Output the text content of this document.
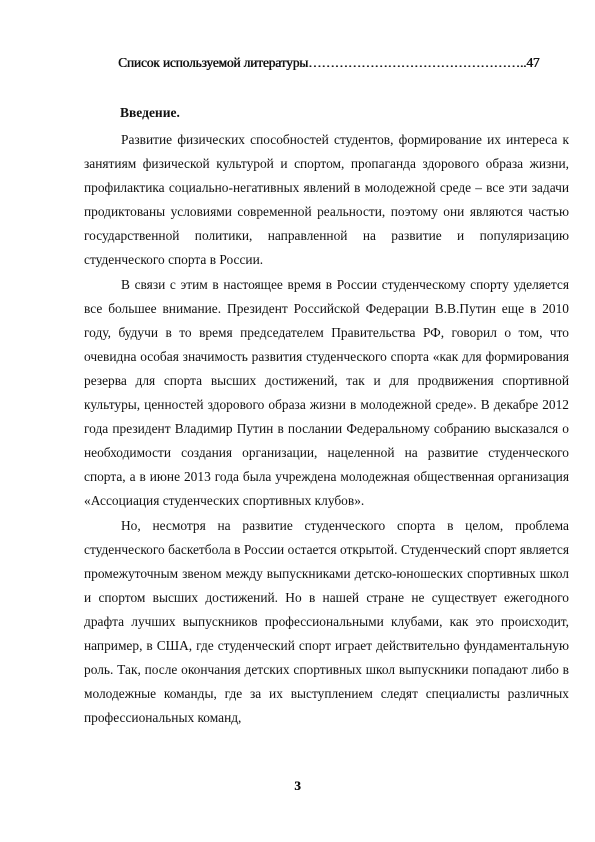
Список используемой литературы…………………………………………..47
Введение.

Развитие физических способностей студентов, формирование их интереса к занятиям физической культурой и спортом, пропаганда здорового образа жизни, профилактика социально-негативных явлений в молодежной среде – все эти задачи продиктованы условиями современной реальности, поэтому они являются частью государственной политики, направленной на развитие и популяризацию студенческого спорта в России.

В связи с этим в настоящее время в России студенческому спорту уделяется все большее внимание. Президент Российской Федерации В.В.Путин еще в 2010 году, будучи в то время председателем Правительства РФ, говорил о том, что очевидна особая значимость развития студенческого спорта «как для формирования резерва для спорта высших достижений, так и для продвижения спортивной культуры, ценностей здорового образа жизни в молодежной среде». В декабре 2012 года президент Владимир Путин в послании Федеральному собранию высказался о необходимости создания организации, нацеленной на развитие студенческого спорта, а в июне 2013 года была учреждена молодежная общественная организация «Ассоциация студенческих спортивных клубов».

Но, несмотря на развитие студенческого спорта в целом, проблема студенческого баскетбола в России остается открытой. Студенческий спорт является промежуточным звеном между выпускниками детско-юношеских спортивных школ и спортом высших достижений. Но в нашей стране не существует ежегодного драфта лучших выпускников профессиональными клубами, как это происходит, например, в США, где студенческий спорт играет действительно фундаментальную роль. Так, после окончания детских спортивных школ выпускники попадают либо в молодежные команды, где за их выступлением следят специалисты различных профессиональных команд,

3
